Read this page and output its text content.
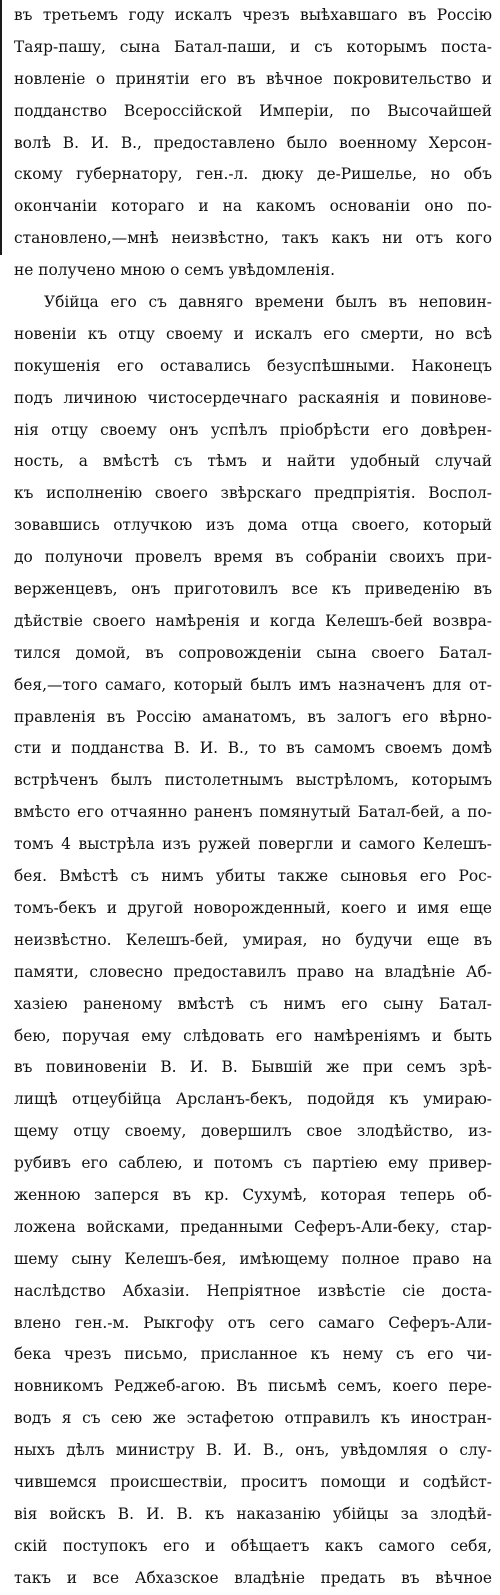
въ третьемъ году искалъ чрезъ выѣхавшаго въ Россію
Таяр-пашу, сына Батал-паши, и съ которымъ поста-
новленіе о принятіи его въ вѣчное покровительство и
подданство Всероссійской Имперіи, по Высочайшей
волѣ В. И. В., предоставлено было военному Херсон-
скому губернатору, ген.-л. дюку де-Ришелье, но объ
окончаніи котораго и на какомъ основаніи оно по-
становлено,—мнѣ неизвѣстно, такъ какъ ни отъ кого
не получено мною о семъ увѣдомленія.
Убійца его съ давняго времени былъ въ неповин-
новеніи къ отцу своему и искалъ его смерти, но всѣ
покушенія его оставались безуспѣшными. Наконецъ
подъ личиною чистосердечнаго раскаянія и повинове-
нія отцу своему онъ успѣлъ пріобрѣсти его довѣрен-
ность, а вмѣстѣ съ тѣмъ и найти удобный случай
къ исполненію своего звѣрскаго предпріятія. Воспол-
зовавшись отлучкою изъ дома отца своего, который
до полуночи провелъ время въ собраніи своихъ при-
верженцевъ, онъ приготовилъ все къ приведенію въ
дѣйствіе своего намѣренія и когда Келешъ-бей возвра-
тился домой, въ сопровожденіи сына своего Батал-
бея,—того самаго, который былъ имъ назначенъ для от-
правленія въ Россію аманатомъ, въ залогъ его вѣрно-
сти и подданства В. И. В., то въ самомъ своемъ домѣ
встрѣченъ былъ пистолетнымъ выстрѣломъ, которымъ
вмѣсто его отчаянно раненъ помянутый Батал-бей, а по-
томъ 4 выстрѣла изъ ружей повергли и самого Келешъ-
бея. Вмѣстѣ съ нимъ убиты также сыновья его Рос-
томъ-бекъ и другой новорожденный, коего и имя еще
неизвѣстно. Келешъ-бей, умирая, но будучи еще въ
памяти, словесно предоставилъ право на владѣніе Аб-
хазіею раненому вмѣстѣ съ нимъ его сыну Батал-
бею, поручая ему слѣдовать его намѣреніямъ и быть
въ повиновеніи В. И. В. Бывшій же при семъ зрѣ-
лищѣ отцеубійца Арсланъ-бекъ, подойдя къ умираю-
щему отцу своему, довершилъ свое злодѣйство, из-
рубивъ его саблею, и потомъ съ партіею ему привер-
женною заперся въ кр. Сухумѣ, которая теперь об-
ложена войсками, преданными Сеферъ-Али-беку, стар-
шему сыну Келешъ-бея, имѣющему полное право на
наслѣдство Абхазіи. Непріятное извѣстіе сіе доста-
влено ген.-м. Рыкгофу отъ сего самаго Сеферъ-Али-
бека чрезъ письмо, присланное къ нему съ его чи-
новникомъ Реджеб-агою. Въ письмѣ семъ, коего пере-
водъ я съ сею же эстафетою отправилъ къ иностран-
ныхъ дѣлъ министру В. И. В., онъ, увѣдомляя о слу-
чившемся происшествіи, проситъ помощи и содѣйст-
вія войскъ В. И. В. къ наказанію убійцы за злодѣй-
скій поступокъ его и обѣщаетъ какъ самого себя,
такъ и все Абхазское владѣніе предать въ вѣчное
